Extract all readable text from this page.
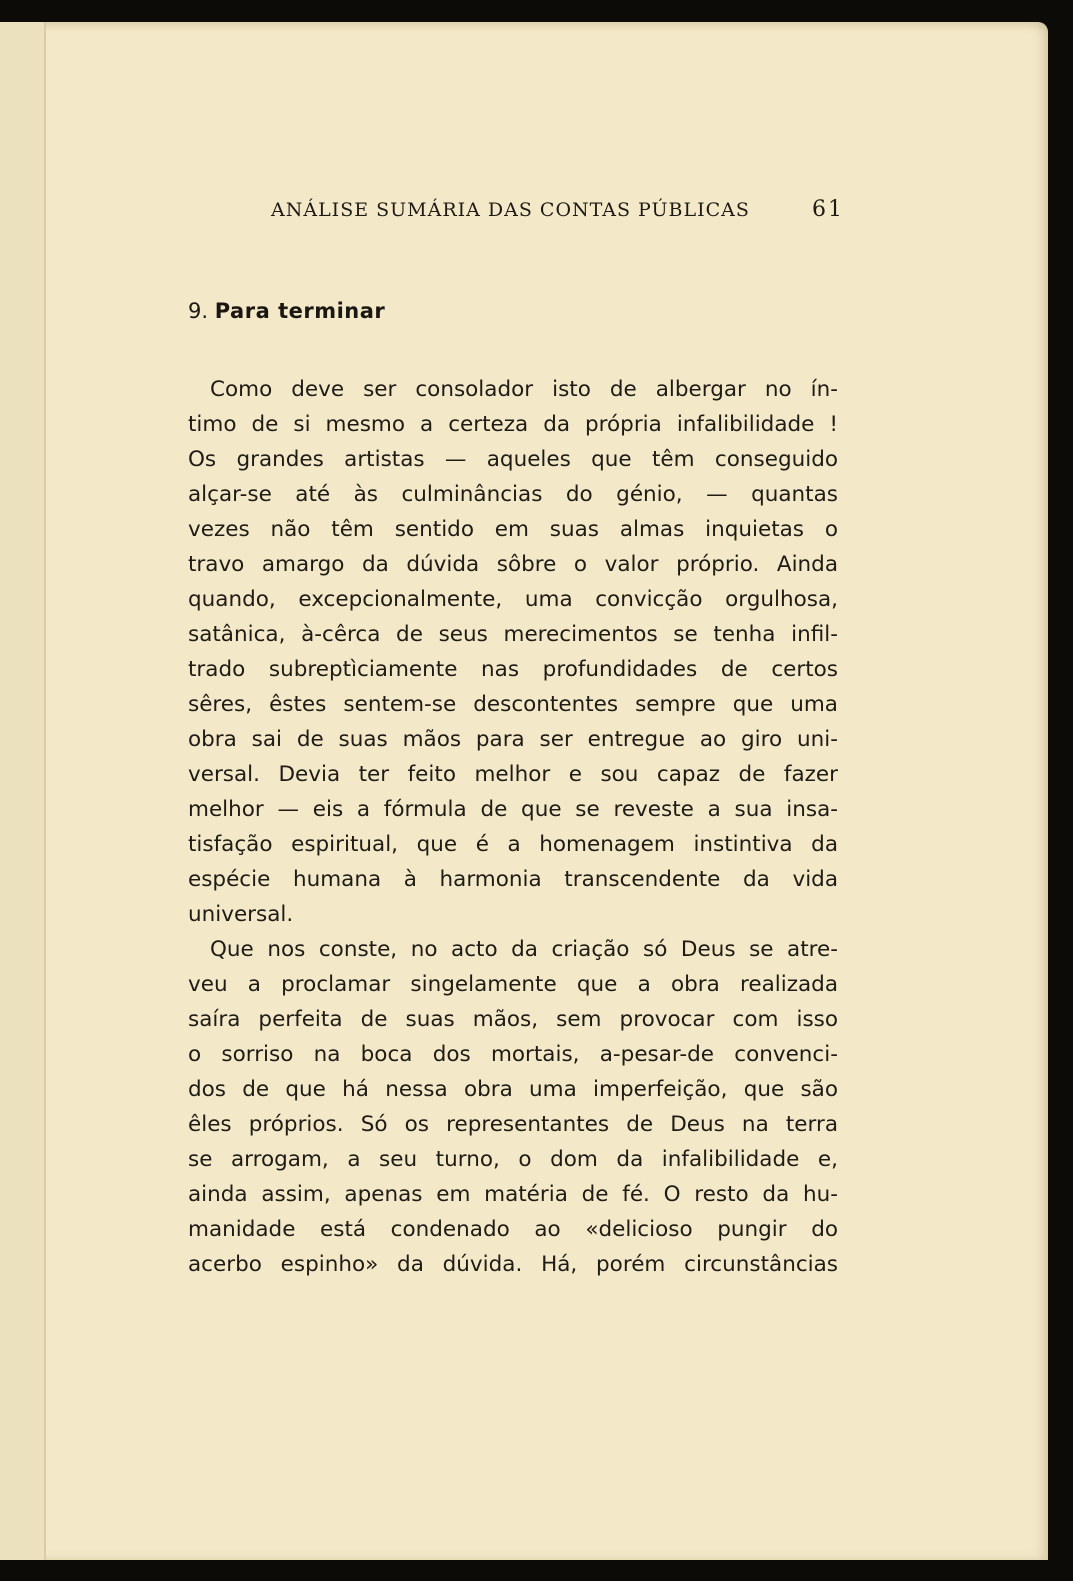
ANÁLISE SUMÁRIA DAS CONTAS PÚBLICAS	61
9. Para terminar
Como deve ser consolador isto de albergar no ín-
timo de si mesmo a certeza da própria infalibilidade !
Os grandes artistas — aqueles que têm conseguido
alçar-se até às culminâncias do génio, — quantas
vezes não têm sentido em suas almas inquietas o
travo amargo da dúvida sôbre o valor próprio. Ainda
quando, excepcionalmente, uma convicção orgulhosa,
satânica, à-cêrca de seus merecimentos se tenha infil-
trado subreptìciamente nas profundidades de certos
sêres, êstes sentem-se descontentes sempre que uma
obra sai de suas mãos para ser entregue ao giro uni-
versal. Devia ter feito melhor e sou capaz de fazer
melhor — eis a fórmula de que se reveste a sua insa-
tisfação espiritual, que é a homenagem instintiva da
espécie humana à harmonia transcendente da vida
universal.
Que nos conste, no acto da criação só Deus se atre-
veu a proclamar singelamente que a obra realizada
saíra perfeita de suas mãos, sem provocar com isso
o sorriso na boca dos mortais, a-pesar-de convenci-
dos de que há nessa obra uma imperfeição, que são
êles próprios. Só os representantes de Deus na terra
se arrogam, a seu turno, o dom da infalibilidade e,
ainda assim, apenas em matéria de fé. O resto da hu-
manidade está condenado ao «delicioso pungir do
acerbo espinho» da dúvida. Há, porém circunstâncias
